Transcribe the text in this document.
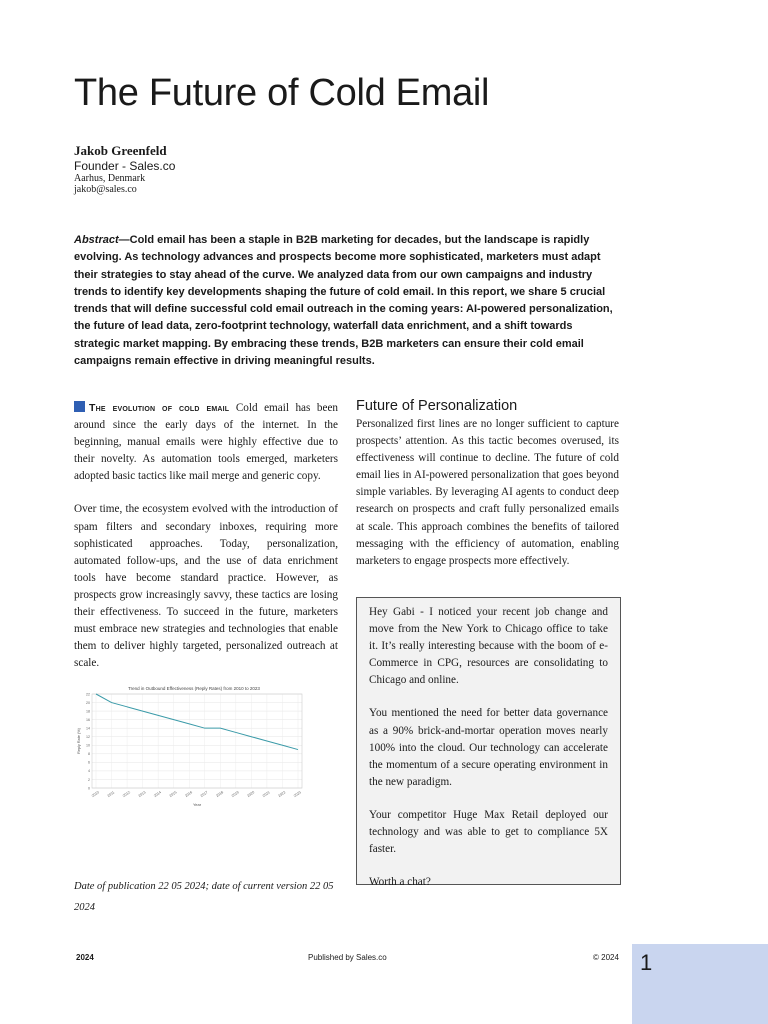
The Future of Cold Email
Jakob Greenfeld
Founder - Sales.co
Aarhus, Denmark
jakob@sales.co

Abstract—Cold email has been a staple in B2B marketing for decades, but the landscape is rapidly evolving. As technology advances and prospects become more sophisticated, marketers must adapt their strategies to stay ahead of the curve. We analyzed data from our own campaigns and industry trends to identify key developments shaping the future of cold email. In this report, we share 5 crucial trends that will define successful cold email outreach in the coming years: AI-powered personalization, the future of lead data, zero-footprint technology, waterfall data enrichment, and a shift towards strategic market mapping. By embracing these trends, B2B marketers can ensure their cold email campaigns remain effective in driving meaningful results.

The evolution of cold email Cold email has been around since the early days of the internet. In the beginning, manual emails were highly effective due to their novelty. As automation tools emerged, marketers adopted basic tactics like mail merge and generic copy.

Over time, the ecosystem evolved with the introduction of spam filters and secondary inboxes, requiring more sophisticated approaches. Today, personalization, automated follow-ups, and the use of data enrichment tools have become standard practice. However, as prospects grow increasingly savvy, these tactics are losing their effectiveness. To succeed in the future, marketers must embrace new strategies and technologies that enable them to deliver highly targeted, personalized outreach at scale.

Trend in Outbound Effectiveness (Reply Rates) from 2010 to 2023
0
2
4
6
8
10
12
14
16
18
20
22
2010 2011 2012 2013 2014 2015 2016 2017 2018 2019 2020 2021 2022 2023
Year
Reply Rate (%)
Date of publication 22 05 2024; date of current version 22 05 2024
Future of Personalization

Personalized first lines are no longer sufficient to capture prospects’ attention. As this tactic becomes overused, its effectiveness will continue to decline. The future of cold email lies in AI-powered personalization that goes beyond simple variables. By leveraging AI agents to conduct deep research on prospects and craft fully personalized emails at scale. This approach combines the benefits of tailored messaging with the efficiency of automation, enabling marketers to engage prospects more effectively.

Hey Gabi - I noticed your recent job change and move from the New York to Chicago office to take it. It’s really interesting because with the boom of e-Commerce in CPG, resources are consolidating to Chicago and online.

You mentioned the need for better data governance as a 90% brick-and-mortar operation moves nearly 100% into the cloud. Our technology can accelerate the momentum of a secure operating environment in the new paradigm.

Your competitor Huge Max Retail deployed our technology and was able to get to compliance 5X faster.

Worth a chat?

2024	Published by Sales.co	© 2024 1
